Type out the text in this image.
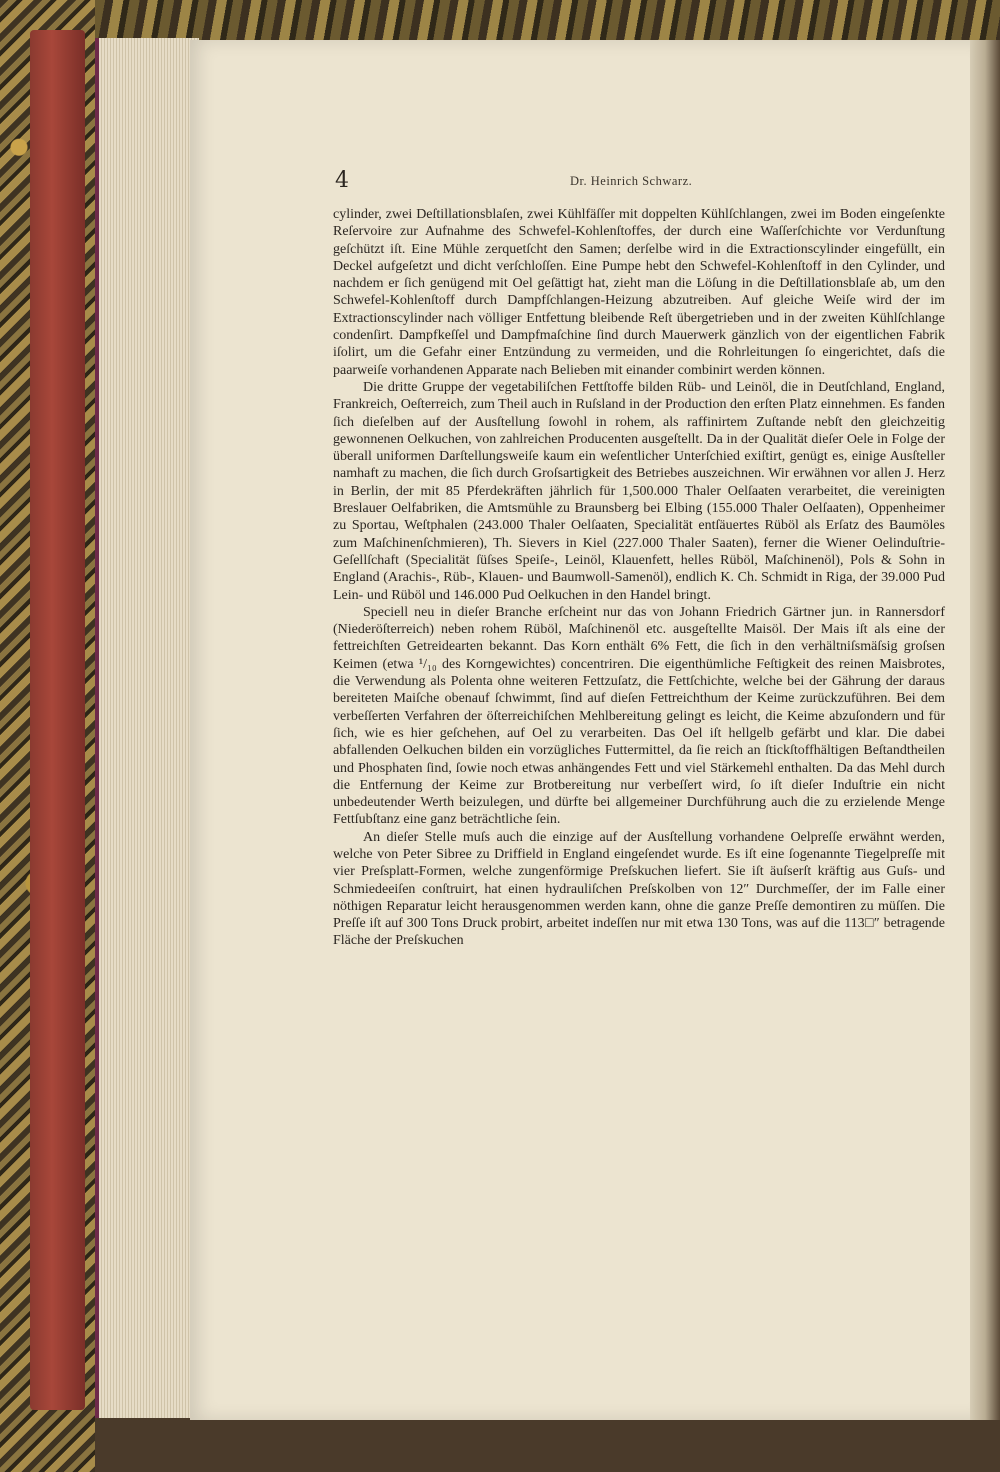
4	Dr. Heinrich Schwarz.

cylinder, zwei Deſtillationsblaſen, zwei Kühlfäſſer mit doppelten Kühlſchlangen, zwei im Boden eingeſenkte Reſervoire zur Aufnahme des Schwefel-Kohlenſtoffes, der durch eine Waſſerſchichte vor Verdunſtung geſchützt iſt. Eine Mühle zerquetſcht den Samen; derſelbe wird in die Extractionscylinder eingefüllt, ein Deckel aufgeſetzt und dicht verſchloſſen. Eine Pumpe hebt den Schwefel-Kohlenſtoff in den Cylinder, und nachdem er ſich genügend mit Oel geſättigt hat, zieht man die Löſung in die Deſtillationsblaſe ab, um den Schwefel-Kohlenſtoff durch Dampfſchlangen-Heizung abzutreiben. Auf gleiche Weiſe wird der im Extractionscylinder nach völliger Entfettung bleibende Reſt übergetrieben und in der zweiten Kühlſchlange condenſirt. Dampfkeſſel und Dampfmaſchine ſind durch Mauerwerk gänzlich von der eigentlichen Fabrik iſolirt, um die Gefahr einer Entzündung zu vermeiden, und die Rohrleitungen ſo eingerichtet, daſs die paarweiſe vorhandenen Apparate nach Belieben mit einander combinirt werden können.

Die dritte Gruppe der vegetabiliſchen Fettſtoffe bilden Rüb- und Leinöl, die in Deutſchland, England, Frankreich, Oeſterreich, zum Theil auch in Ruſsland in der Production den erſten Platz einnehmen. Es fanden ſich dieſelben auf der Ausſtellung ſowohl in rohem, als raffinirtem Zuſtande nebſt den gleichzeitig gewonnenen Oelkuchen, von zahlreichen Producenten ausgeſtellt. Da in der Qualität dieſer Oele in Folge der überall uniformen Darſtellungsweiſe kaum ein weſentlicher Unterſchied exiſtirt, genügt es, einige Ausſteller namhaft zu machen, die ſich durch Groſsartigkeit des Betriebes auszeichnen. Wir erwähnen vor allen J. Herz in Berlin, der mit 85 Pferdekräften jährlich für 1,500.000 Thaler Oelſaaten verarbeitet, die vereinigten Breslauer Oelfabriken, die Amtsmühle zu Braunsberg bei Elbing (155.000 Thaler Oelſaaten), Oppenheimer zu Sportau, Weſtphalen (243.000 Thaler Oelſaaten, Specialität entſäuertes Rüböl als Erſatz des Baumöles zum Maſchinenſchmieren), Th. Sievers in Kiel (227.000 Thaler Saaten), ferner die Wiener Oelinduſtrie-Geſellſchaft (Specialität ſüſses Speiſe-, Leinöl, Klauenfett, helles Rüböl, Maſchinenöl), Pols & Sohn in England (Arachis-, Rüb-, Klauen- und Baumwoll-Samenöl), endlich K. Ch. Schmidt in Riga, der 39.000 Pud Lein- und Rüböl und 146.000 Pud Oelkuchen in den Handel bringt.

Speciell neu in dieſer Branche erſcheint nur das von Johann Friedrich Gärtner jun. in Rannersdorf (Niederöſterreich) neben rohem Rüböl, Maſchinenöl etc. ausgeſtellte Maisöl. Der Mais iſt als eine der fettreichſten Getreidearten bekannt. Das Korn enthält 6% Fett, die ſich in den verhältniſsmäſsig groſsen Keimen (etwa ¹/₁₀ des Korngewichtes) concentriren. Die eigenthümliche Feſtigkeit des reinen Maisbrotes, die Verwendung als Polenta ohne weiteren Fettzuſatz, die Fettſchichte, welche bei der Gährung der daraus bereiteten Maiſche obenauf ſchwimmt, ſind auf dieſen Fettreichthum der Keime zurückzuführen. Bei dem verbeſſerten Verfahren der öſterreichiſchen Mehlbereitung gelingt es leicht, die Keime abzuſondern und für ſich, wie es hier geſchehen, auf Oel zu verarbeiten. Das Oel iſt hellgelb gefärbt und klar. Die dabei abfallenden Oelkuchen bilden ein vorzügliches Futtermittel, da ſie reich an ſtickſtoffhältigen Beſtandtheilen und Phosphaten ſind, ſowie noch etwas anhängendes Fett und viel Stärkemehl enthalten. Da das Mehl durch die Entfernung der Keime zur Brotbereitung nur verbeſſert wird, ſo iſt dieſer Induſtrie ein nicht unbedeutender Werth beizulegen, und dürfte bei allgemeiner Durchführung auch die zu erzielende Menge Fettſubſtanz eine ganz beträchtliche ſein.

An dieſer Stelle muſs auch die einzige auf der Ausſtellung vorhandene Oelpreſſe erwähnt werden, welche von Peter Sibree zu Driffield in England eingeſendet wurde. Es iſt eine ſogenannte Tiegelpreſſe mit vier Preſsplatt-Formen, welche zungenförmige Preſskuchen liefert. Sie iſt äuſserſt kräftig aus Guſs- und Schmiedeeiſen conſtruirt, hat einen hydrauliſchen Preſskolben von 12″ Durchmeſſer, der im Falle einer nöthigen Reparatur leicht herausgenommen werden kann, ohne die ganze Preſſe demontiren zu müſſen. Die Preſſe iſt auf 300 Tons Druck probirt, arbeitet indeſſen nur mit etwa 130 Tons, was auf die 113□″ betragende Fläche der Preſskuchen
